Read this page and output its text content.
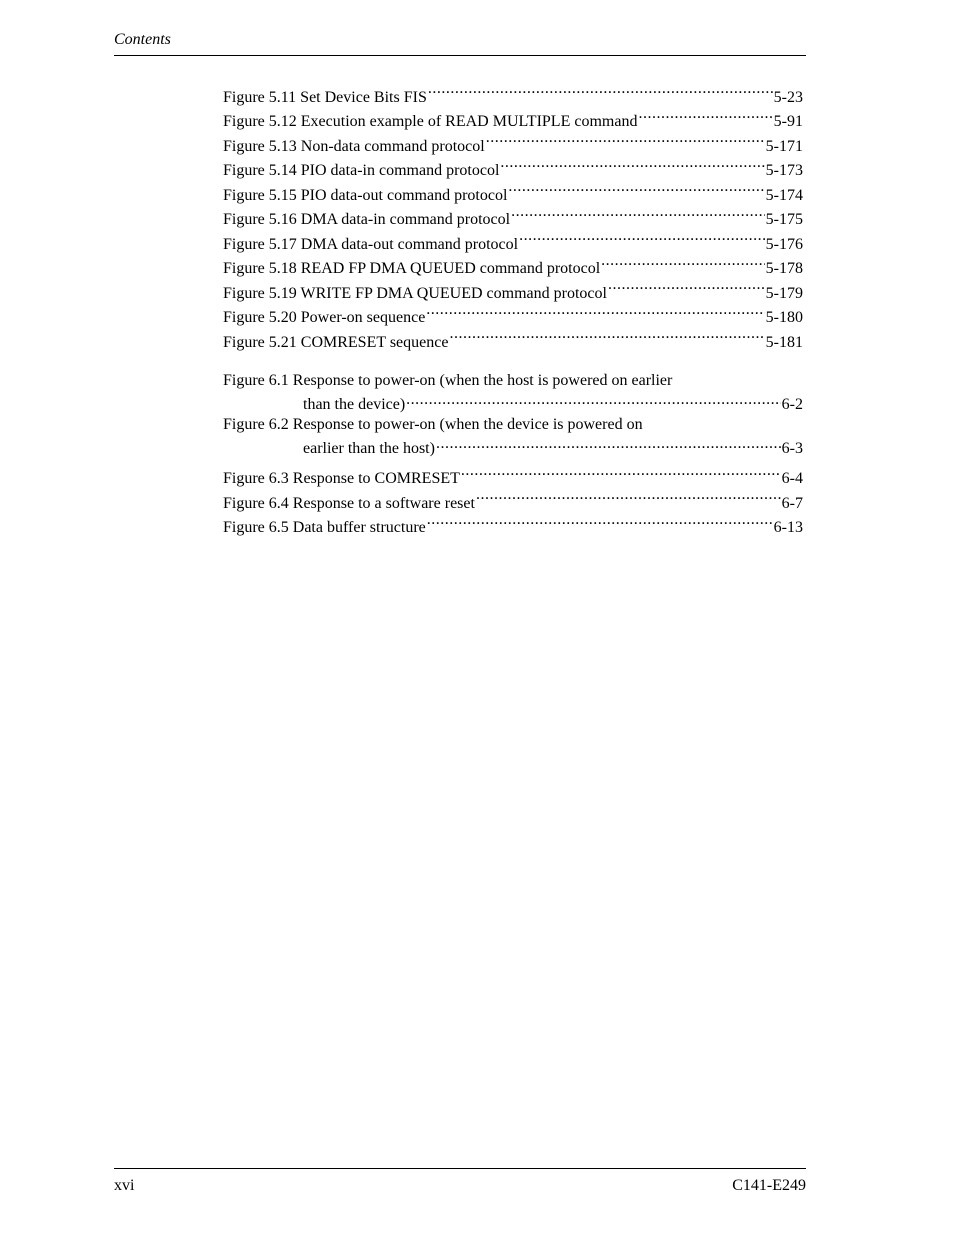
Contents
Figure 5.11 Set Device Bits FIS .....	5-23
Figure 5.12 Execution example of READ MULTIPLE command .....	5-91
Figure 5.13 Non-data command protocol .....	5-171
Figure 5.14 PIO data-in command protocol .....	5-173
Figure 5.15 PIO data-out command protocol .....	5-174
Figure 5.16 DMA data-in command protocol .....	5-175
Figure 5.17 DMA data-out command protocol .....	5-176
Figure 5.18 READ FP DMA QUEUED command protocol .....	5-178
Figure 5.19 WRITE FP DMA QUEUED command protocol .....	5-179
Figure 5.20 Power-on sequence .....	5-180
Figure 5.21 COMRESET sequence .....	5-181
Figure 6.1 Response to power-on (when the host is powered on earlier
than the device) .....	6-2
Figure 6.2 Response to power-on (when the device is powered on
earlier than the host) .....	6-3
Figure 6.3 Response to COMRESET .....	6-4
Figure 6.4 Response to a software reset .....	6-7
Figure 6.5 Data buffer structure .....	6-13
xvi	C141-E249
